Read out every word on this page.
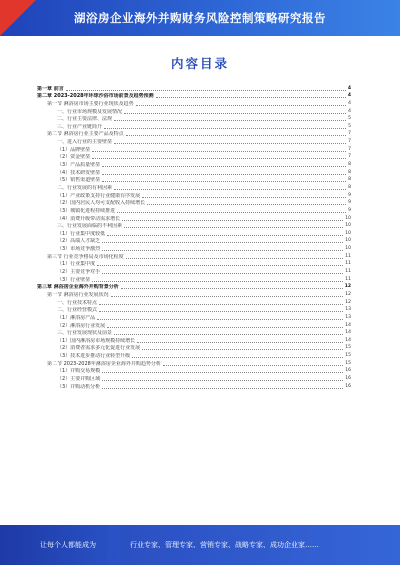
湖浴房企业海外并购财务风险控制策略研究报告
内容目录
第一章 前言	4
第二章 2023-2028年环球沙浴市场前景及趋势预测	4
第一节 淋浴房市场主要行业现状及趋势	4
一、行业市场规模及发展情况	4
二、行业主要法律、法规	5
三、行业产业链简介	5
第二节 淋浴房行业主要产品及特点	7
一、进入行业的主要壁垒	7
（1）品牌壁垒	7
（2）资金壁垒	7
（3）产品质量壁垒	8
（4）技术研发壁垒	8
（5）销售渠道壁垒	8
二、行业发展的有利因素	8
（1）产业政策支持行业健康有序发展	9
（2）国内居民人均可支配收入持续增长	9
（3）城镇化进程持续推进	9
（4）消费升级带动需求增长	10
三、行业发展面临的不利因素	10
（1）行业集中度较低	10
（2）高端人才缺乏	10
（3）市场竞争激烈	10
第三节 行业竞争格局及市场化程度	11
（1）行业集中度	11
（2）主要竞争对手	11
（3）行业壁垒	11
第三章 淋浴房企业海外并购背景分析	12
第一节 淋浴房行业发展状况	12
一、行业技术特点	12
二、行业经营模式	13
（1）淋浴房产品	13
（2）淋浴房行业发展	14
三、行业发展现状及前景	14
（1）国内淋浴房市场规模持续增长	14
（2）消费者需求多元化促进行业发展	15
（3）技术进步推动行业转型升级	15
第二节 2023-2028年淋浴房企业海外并购趋势分析	15
（1）并购交易规模	16
（2）主要并购区域	16
（3）并购动机分析	16
让每个人都能成为	行业专家、管理专家、营销专家、战略专家、成功企业家……
